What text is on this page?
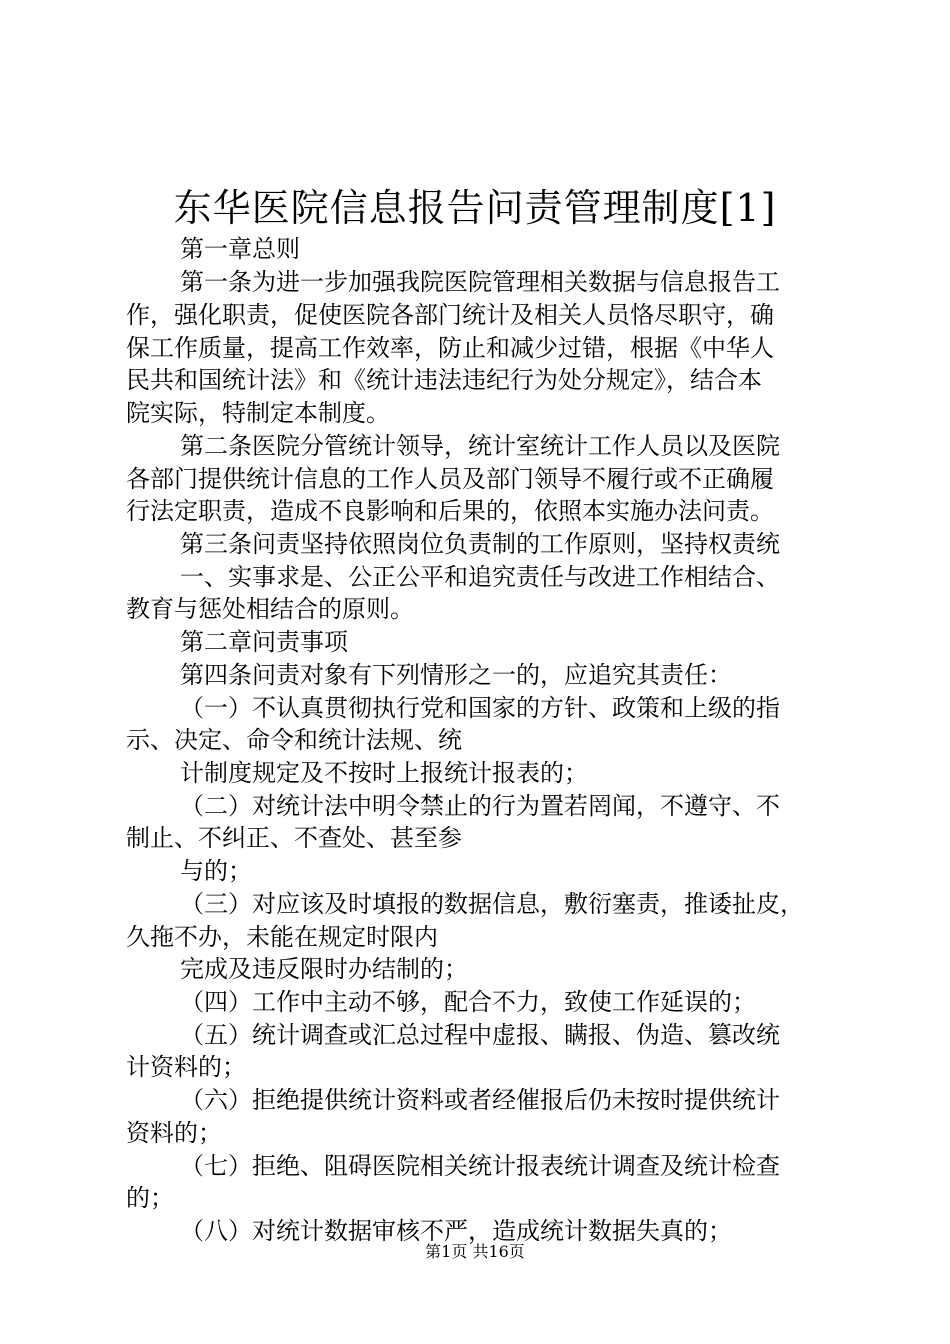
东华医院信息报告问责管理制度[1]
第一章总则
第一条为进一步加强我院医院管理相关数据与信息报告工
作，强化职责，促使医院各部门统计及相关人员恪尽职守，确
保工作质量，提高工作效率，防止和减少过错，根据《中华人
民共和国统计法》和《统计违法违纪行为处分规定》，结合本
院实际，特制定本制度。
第二条医院分管统计领导，统计室统计工作人员以及医院
各部门提供统计信息的工作人员及部门领导不履行或不正确履
行法定职责，造成不良影响和后果的，依照本实施办法问责。
第三条问责坚持依照岗位负责制的工作原则，坚持权责统
一、实事求是、公正公平和追究责任与改进工作相结合、
教育与惩处相结合的原则。
第二章问责事项
第四条问责对象有下列情形之一的，应追究其责任：
（一）不认真贯彻执行党和国家的方针、政策和上级的指
示、决定、命令和统计法规、统
计制度规定及不按时上报统计报表的；
（二）对统计法中明令禁止的行为置若罔闻，不遵守、不
制止、不纠正、不查处、甚至参
与的；
（三）对应该及时填报的数据信息，敷衍塞责，推诿扯皮，
久拖不办，未能在规定时限内
完成及违反限时办结制的；
（四）工作中主动不够，配合不力，致使工作延误的；
（五）统计调查或汇总过程中虚报、瞒报、伪造、篡改统
计资料的；
（六）拒绝提供统计资料或者经催报后仍未按时提供统计
资料的；
（七）拒绝、阻碍医院相关统计报表统计调查及统计检查
的；
（八）对统计数据审核不严，造成统计数据失真的；
第1页 共16页
